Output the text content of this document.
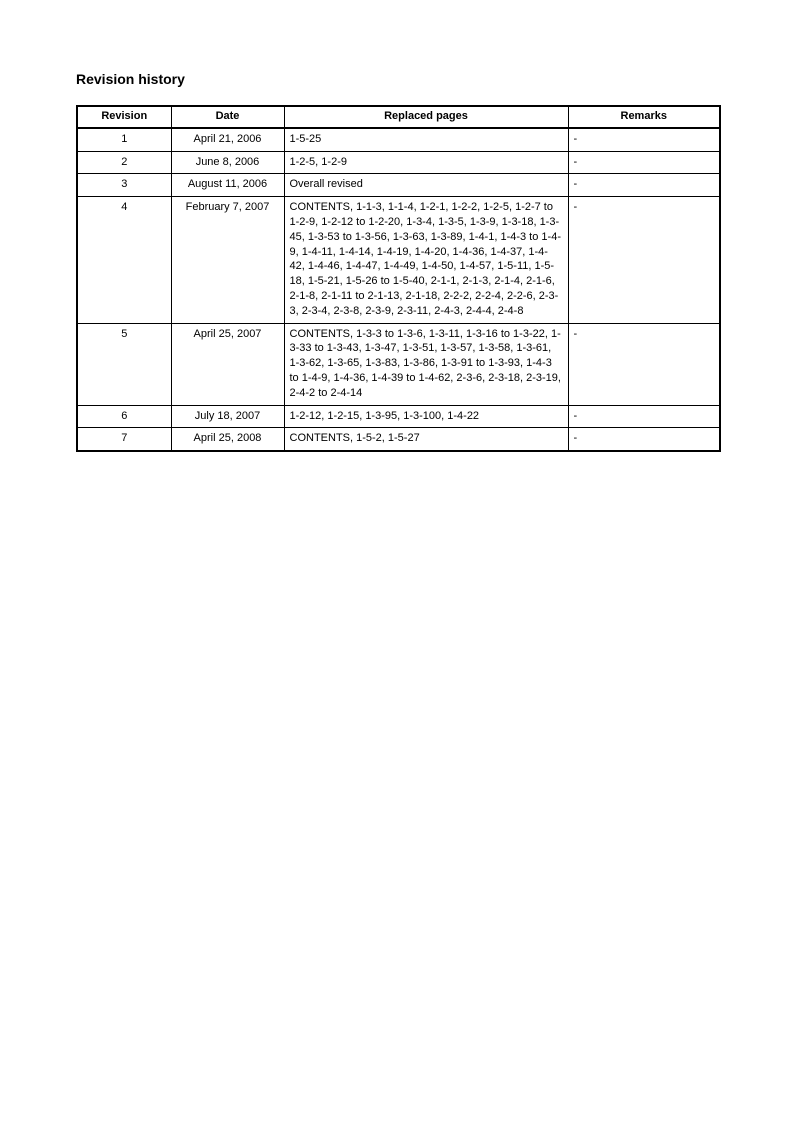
Revision history
Revision	Date	Replaced pages	Remarks
1	April 21, 2006	1-5-25	-
2	June 8, 2006	1-2-5, 1-2-9	-
3	August 11, 2006	Overall revised	-
4	February 7, 2007	CONTENTS, 1-1-3, 1-1-4, 1-2-1, 1-2-2, 1-2-5, 1-2-7 to 1-2-9, 1-2-12 to 1-2-20, 1-3-4, 1-3-5, 1-3-9, 1-3-18, 1-3-45, 1-3-53 to 1-3-56, 1-3-63, 1-3-89, 1-4-1, 1-4-3 to 1-4-9, 1-4-11, 1-4-14, 1-4-19, 1-4-20, 1-4-36, 1-4-37, 1-4-42, 1-4-46, 1-4-47, 1-4-49, 1-4-50, 1-4-57, 1-5-11, 1-5-18, 1-5-21, 1-5-26 to 1-5-40, 2-1-1, 2-1-3, 2-1-4, 2-1-6, 2-1-8, 2-1-11 to 2-1-13, 2-1-18, 2-2-2, 2-2-4, 2-2-6, 2-3-3, 2-3-4, 2-3-8, 2-3-9, 2-3-11, 2-4-3, 2-4-4, 2-4-8	-
5	April 25, 2007	CONTENTS, 1-3-3 to 1-3-6, 1-3-11, 1-3-16 to 1-3-22, 1-3-33 to 1-3-43, 1-3-47, 1-3-51, 1-3-57, 1-3-58, 1-3-61, 1-3-62, 1-3-65, 1-3-83, 1-3-86, 1-3-91 to 1-3-93, 1-4-3 to 1-4-9, 1-4-36, 1-4-39 to 1-4-62, 2-3-6, 2-3-18, 2-3-19, 2-4-2 to 2-4-14	-
6	July 18, 2007	1-2-12, 1-2-15, 1-3-95, 1-3-100, 1-4-22	-
7	April 25, 2008	CONTENTS, 1-5-2, 1-5-27	-
